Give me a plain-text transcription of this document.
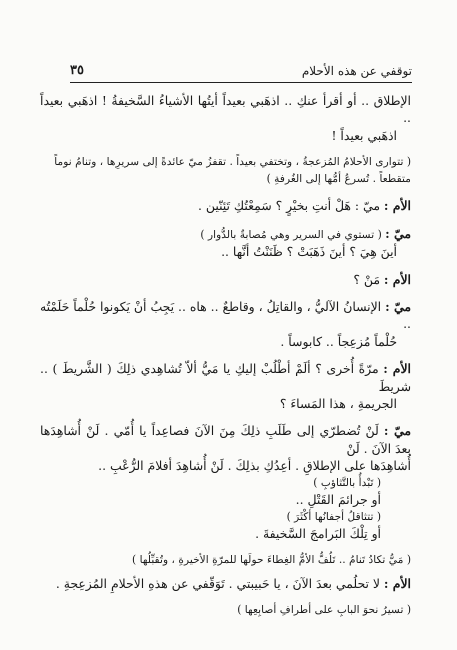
٣٥	توقفي عن هذه الأحلام
الإطلاق .. أو أقرأ عنكِ .. اذهَبي بعيداً أيتُها الأشياءُ السَّخيفةُ ! اذهَبي بعيداً ..
اذهَبي بعيداً !
( تتوارى الأحلامُ المُزعجةُ ، وتختفي بعيداً . تقفزُ ميّ عائدةً إلى سريرِها ، وتنامُ نوماً
متقطعاً . تُسرعُ أمُّها إلى الغُرفةِ )
الأم : ميّ : هَلْ أنتِ بخيْرٍ ؟ سَمِعْتُكِ تَئِنّين .
ميّ : ( تستوي في السرير وهي مُصابةٌ بالدُّوار )
أينَ هِيَ ؟ أينَ ذَهَبَتْ ؟ ظَنَنْتُ أنَّها ..
الأم : مَنْ ؟
ميّ : الإنسانُ الآليُّ ، والقاتِلُ ، وقاطعٌ .. هاه .. يَجِبُ أنْ يَكونوا حُلْماً حَلَمْتُه ..
حُلْماً مُزعِجاً .. كابوساً .
الأم : مرّةً أُخرى ؟ ألَمْ أطْلُبْ إليكِ يا مَيُّ ألاّ تُشاهِدي ذلِكَ ( الشَّريطَ ) .. شريطَ
الجريمةِ ، هذا المَساءَ ؟
ميّ : لَنْ تُضطرّي إلى طَلَبِ ذلِكَ مِنَ الآنَ فصاعِداً يا أُمّي . لَنْ أُشاهِدَها بعدَ الآنَ . لَنْ
أُشاهِدَها على الإطلاقِ . أعِدُكِ بذلِكَ . لَنْ أُشاهِدَ أفلامَ الرُّعْبِ ..
( تَبْدأُ بالتَّثاؤبِ )
أو جرائمَ القَتْلِ ..
( تتثاقلُ أجفانُها أكْثَرَ )
أو تِلْكَ البَرامجَ السَّخيفةَ .
( مَيُّ تكادُ تَنامُ .. تَلُفُّ الأمُّ الغِطاءَ حولَها للمرّةِ الأخيرةِ ، وتُقبِّلُها )
الأم : لا تحلُمي بعدَ الآنَ ، يا حَبيبتي . تَوَقّفي عن هذهِ الأحلامِ المُزعِجةِ .
( تسيرُ نحوَ البابِ على أطرافِ أصابِعِها )
